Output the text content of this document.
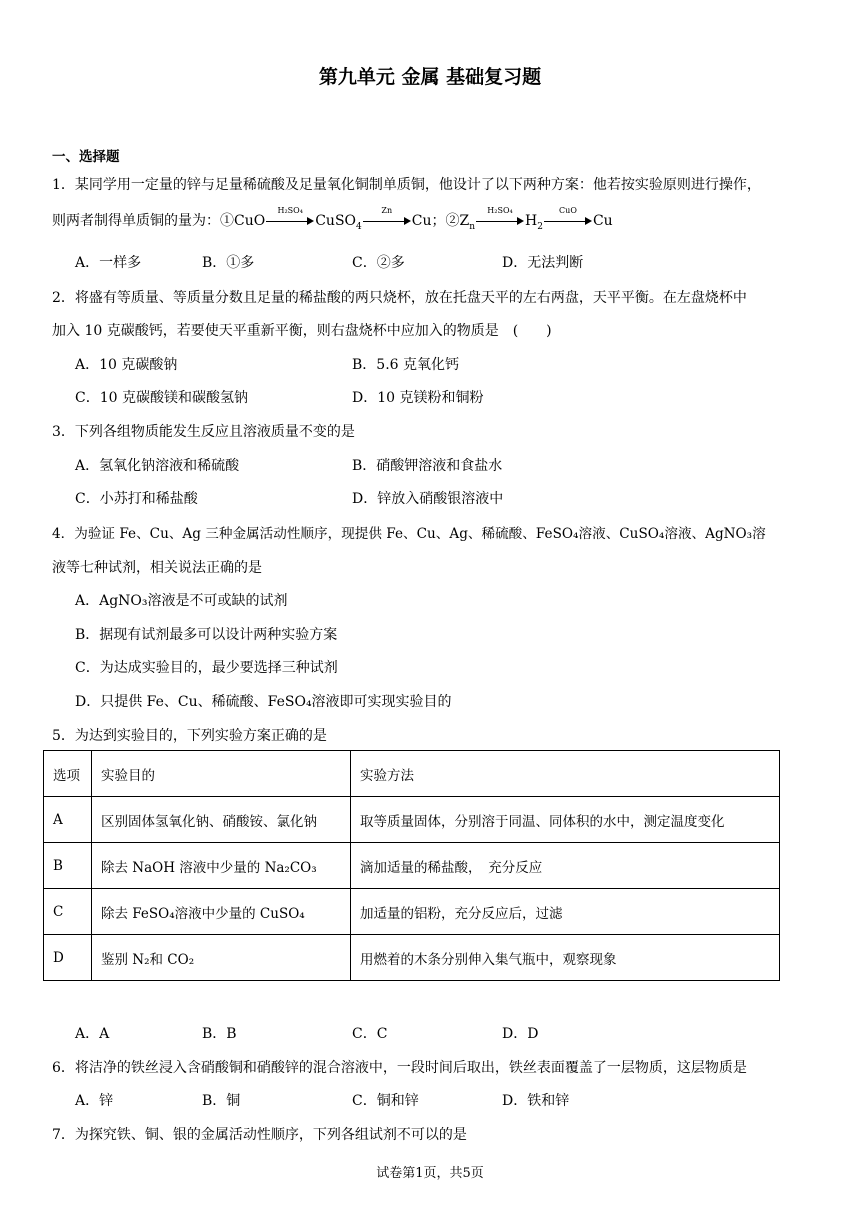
第九单元 金属 基础复习题
一、选择题
1．某同学用一定量的锌与足量稀硫酸及足量氧化铜制单质铜，他设计了以下两种方案：他若按实验原则进行操作，
则两者制得单质铜的量为：①CuO
H₂SO₄
CuSO$_4$
Zn
Cu；$②Z_n$
H₂SO₄
$H_2$
CuO
Cu
A．一样多	B．①多	C．②多	D．无法判断
2．将盛有等质量、等质量分数且足量的稀盐酸的两只烧杯，放在托盘天平的左右两盘，天平平衡。在左盘烧杯中
加入 10 克碳酸钙，若要使天平重新平衡，则右盘烧杯中应加入的物质是　(　　)
A．10 克碳酸钠	B．5.6 克氧化钙
C．10 克碳酸镁和碳酸氢钠	D．10 克镁粉和铜粉
3．下列各组物质能发生反应且溶液质量不变的是
A．氢氧化钠溶液和稀硫酸	B．硝酸钾溶液和食盐水
C．小苏打和稀盐酸	D．锌放入硝酸银溶液中
4．为验证 Fe、Cu、Ag 三种金属活动性顺序，现提供 Fe、Cu、Ag、稀硫酸、FeSO₄溶液、CuSO₄溶液、AgNO₃溶
液等七种试剂，相关说法正确的是
A．AgNO₃溶液是不可或缺的试剂
B．据现有试剂最多可以设计两种实验方案
C．为达成实验目的，最少要选择三种试剂
D．只提供 Fe、Cu、稀硫酸、FeSO₄溶液即可实现实验目的
5．为达到实验目的，下列实验方案正确的是
选项	实验目的	实验方法
A	区别固体氢氧化钠、硝酸铵、氯化钠	取等质量固体，分别溶于同温、同体积的水中，测定温度变化
B	除去 NaOH 溶液中少量的 Na₂CO₃	滴加适量的稀盐酸，　充分反应
C	除去 FeSO₄溶液中少量的 CuSO₄	加适量的铝粉，充分反应后，过滤
D	鉴别 N₂和 CO₂	用燃着的木条分别伸入集气瓶中，观察现象
A．A	B．B	C．C	D．D
6．将洁净的铁丝浸入含硝酸铜和硝酸锌的混合溶液中，一段时间后取出，铁丝表面覆盖了一层物质，这层物质是
A．锌	B．铜	C．铜和锌	D．铁和锌
7．为探究铁、铜、银的金属活动性顺序，下列各组试剂不可以的是
试卷第1页，共5页
